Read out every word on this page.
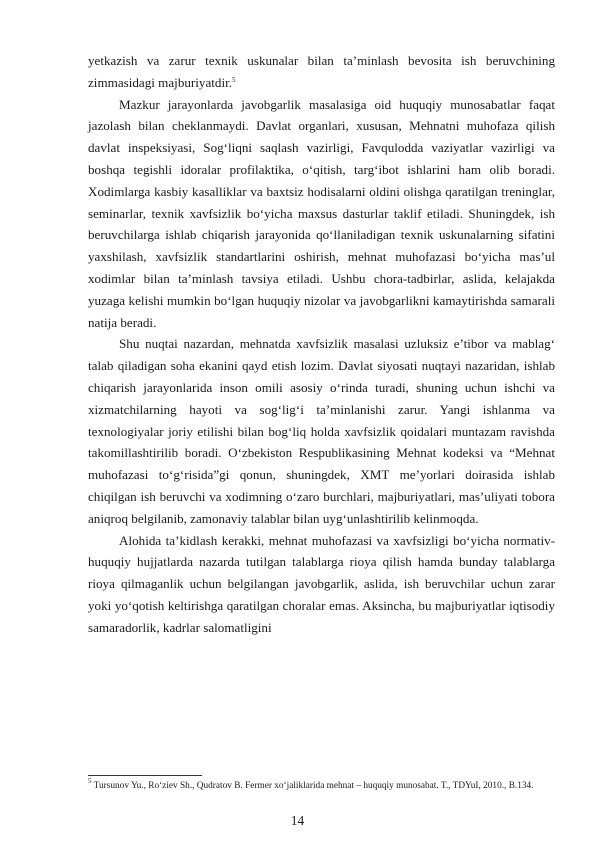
yetkazish va zarur texnik uskunalar bilan ta’minlash bevosita ish beruvchining zimmasidagi majburiyatdir.$^5$

Mazkur jarayonlarda javobgarlik masalasiga oid huquqiy munosabatlar faqat jazolash bilan cheklanmaydi. Davlat organlari, xususan, Mehnatni muhofaza qilish davlat inspeksiyasi, Sog‘liqni saqlash vazirligi, Favqulodda vaziyatlar vazirligi va boshqa tegishli idoralar profilaktika, o‘qitish, targ‘ibot ishlarini ham olib boradi. Xodimlarga kasbiy kasalliklar va baxtsiz hodisalarni oldini olishga qaratilgan treninglar, seminarlar, texnik xavfsizlik bo‘yicha maxsus dasturlar taklif etiladi. Shuningdek, ish beruvchilarga ishlab chiqarish jarayonida qo‘llaniladigan texnik uskunalarning sifatini yaxshilash, xavfsizlik standartlarini oshirish, mehnat muhofazasi bo‘yicha mas’ul xodimlar bilan ta’minlash tavsiya etiladi. Ushbu chora-tadbirlar, aslida, kelajakda yuzaga kelishi mumkin bo‘lgan huquqiy nizolar va javobgarlikni kamaytirishda samarali natija beradi.

Shu nuqtai nazardan, mehnatda xavfsizlik masalasi uzluksiz e’tibor va mablag‘ talab qiladigan soha ekanini qayd etish lozim. Davlat siyosati nuqtayi nazaridan, ishlab chiqarish jarayonlarida inson omili asosiy o‘rinda turadi, shuning uchun ishchi va xizmatchilarning hayoti va sog‘lig‘i ta’minlanishi zarur. Yangi ishlanma va texnologiyalar joriy etilishi bilan bog‘liq holda xavfsizlik qoidalari muntazam ravishda takomillashtirilib boradi. O‘zbekiston Respublikasining Mehnat kodeksi va “Mehnat muhofazasi to‘g‘risida”gi qonun, shuningdek, XMT me’yorlari doirasida ishlab chiqilgan ish beruvchi va xodimning o‘zaro burchlari, majburiyatlari, mas’uliyati tobora aniqroq belgilanib, zamonaviy talablar bilan uyg‘unlashtirilib kelinmoqda.

Alohida ta’kidlash kerakki, mehnat muhofazasi va xavfsizligi bo‘yicha normativ-huquqiy hujjatlarda nazarda tutilgan talablarga rioya qilish hamda bunday talablarga rioya qilmaganlik uchun belgilangan javobgarlik, aslida, ish beruvchilar uchun zarar yoki yo‘qotish keltirishga qaratilgan choralar emas. Aksincha, bu majburiyatlar iqtisodiy samaradorlik, kadrlar salomatligini

$^5$ Tursunov Yu., Ro‘ziev Sh., Qudratov B. Fermer xo‘jaliklarida mehnat – huquqiy munosabat. T., TDYuI, 2010., B.134.
14
